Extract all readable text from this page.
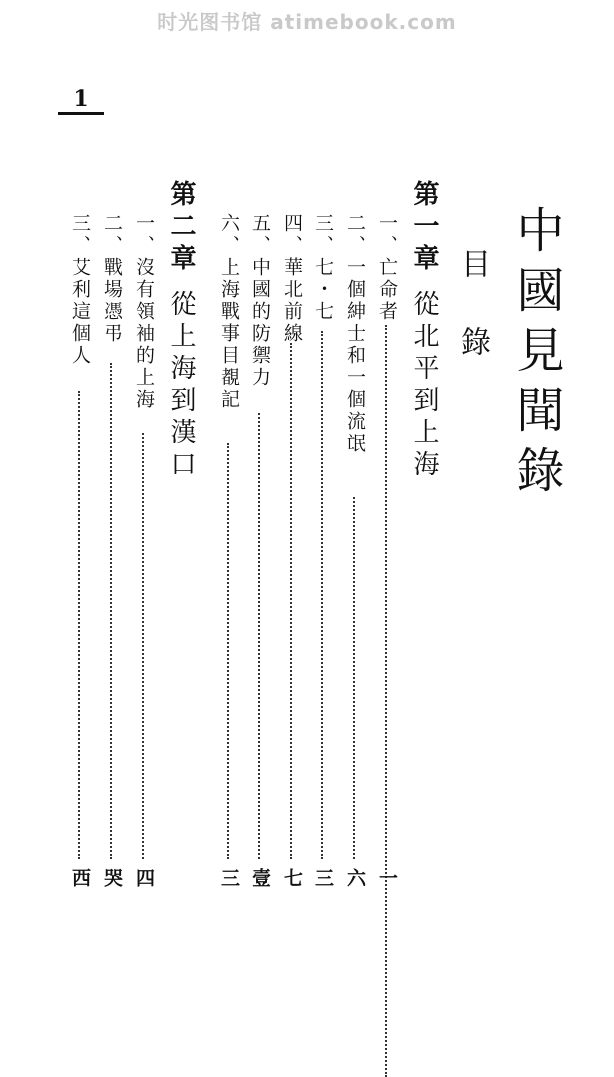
时光图书馆 atimebook.com
1
中國見聞錄
目錄
第一章從北平到上海
一、亡命者
一
二、一個紳士和一個流氓
六
三、七・七
三
四、華北前線
七
五、中國的防禦力
壹
六、上海戰事目覩記
三
第二章從上海到漢口
一、沒有領袖的上海
四
二、戰場憑弔
哭
三、艾利這個人
西
